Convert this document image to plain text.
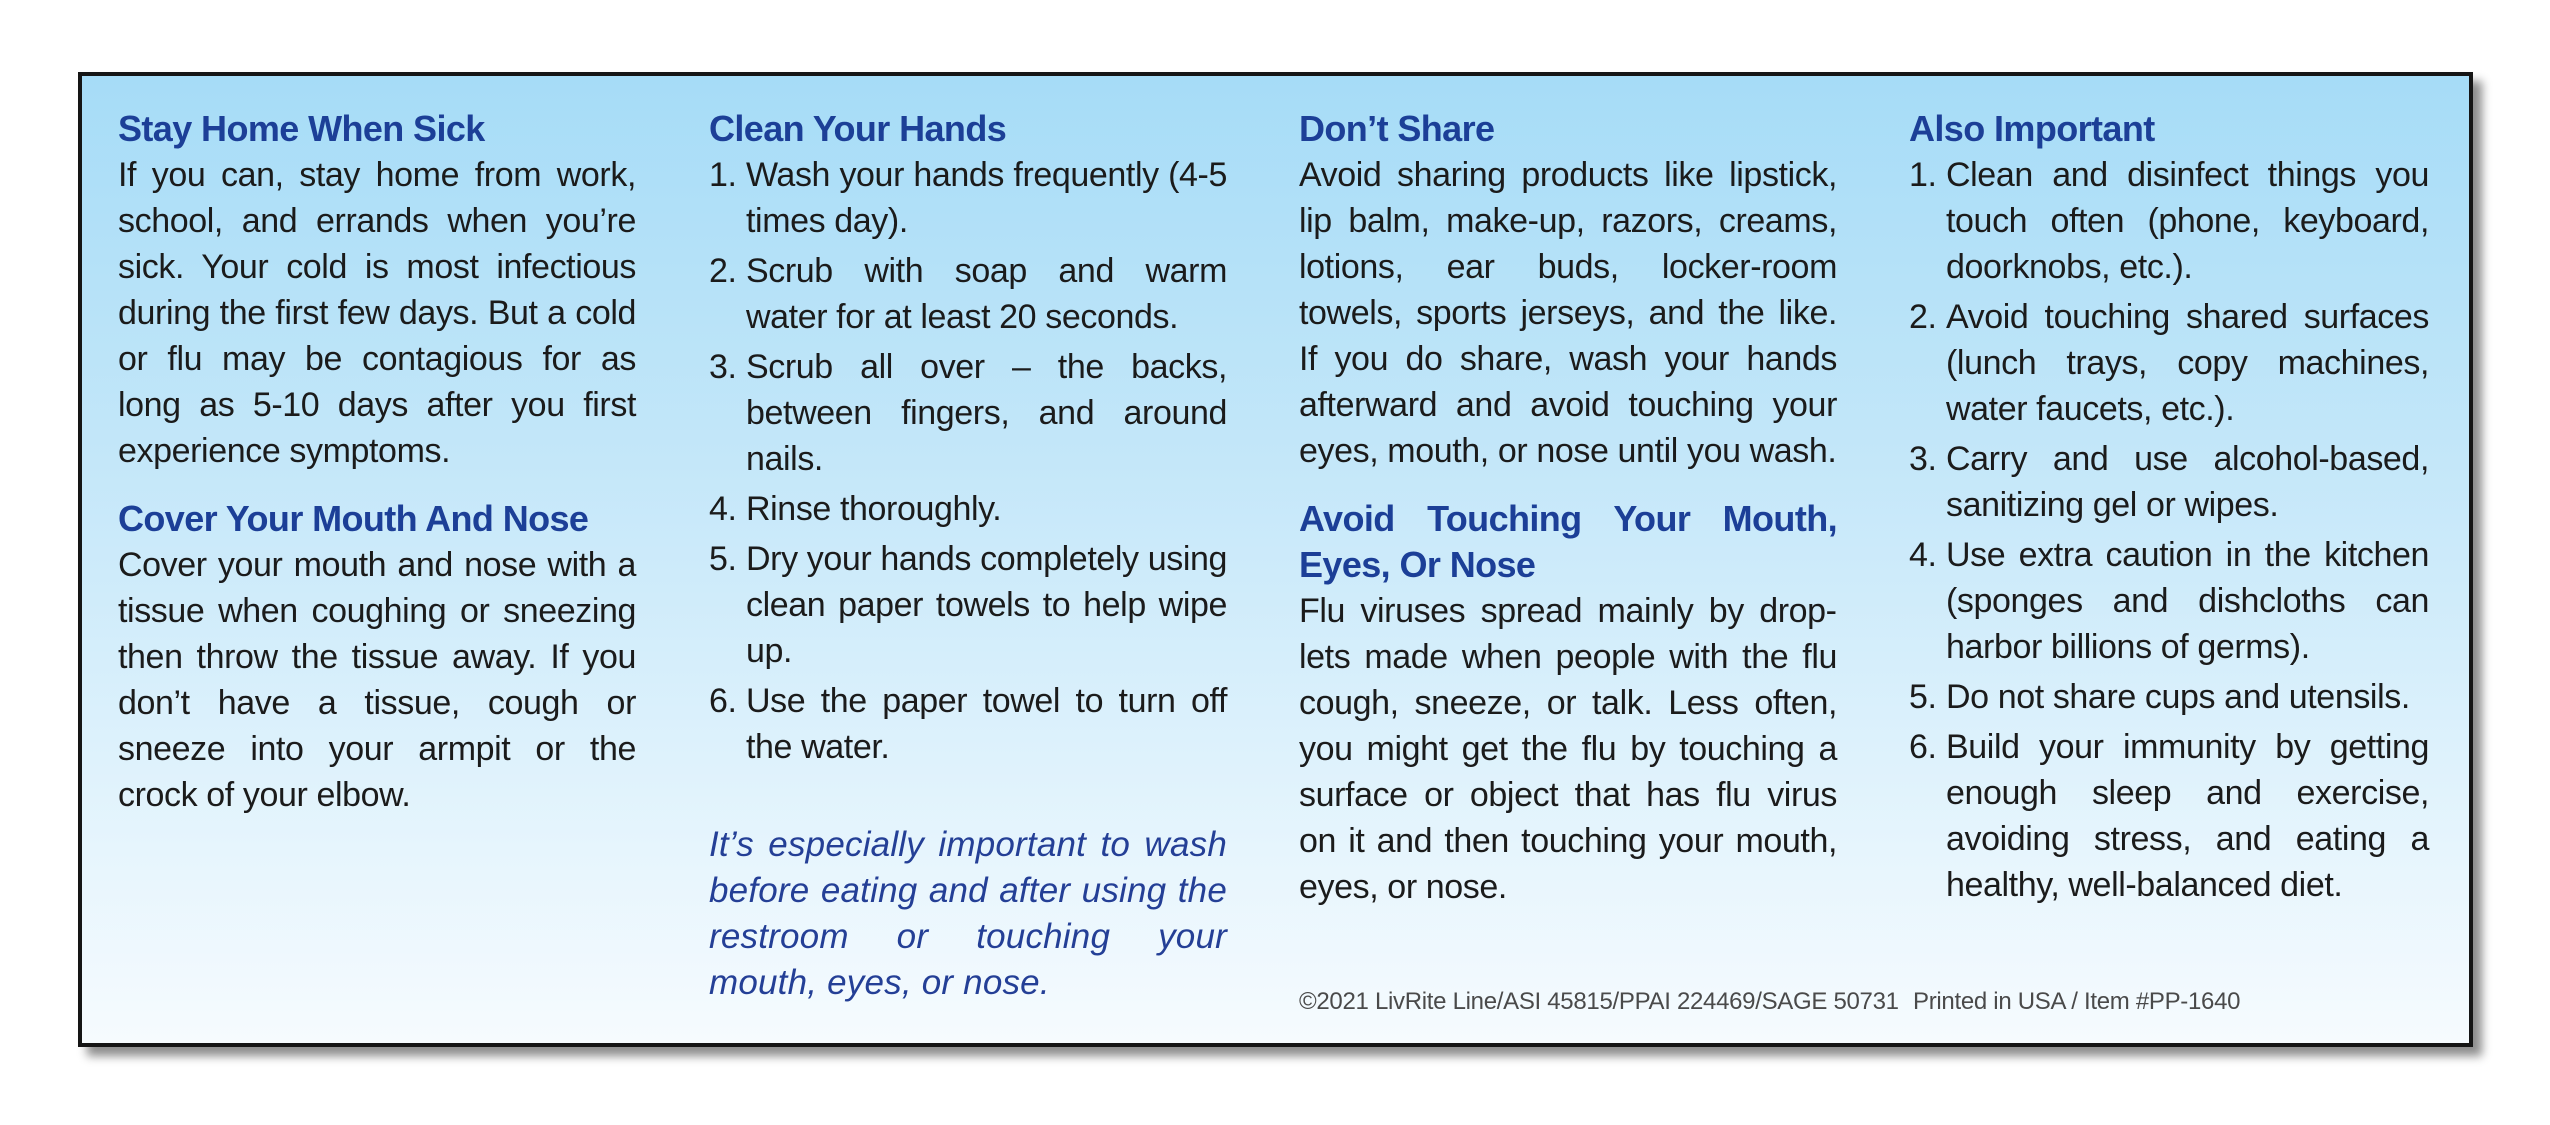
Stay Home When Sick

If you can, stay home from work, school, and errands when you’re sick. Your cold is most infectious during the first few days. But a cold or flu may be contagious for as long as 5-10 days after you first experience symptoms.

Cover Your Mouth And Nose

Cover your mouth and nose with a tissue when coughing or sneezing then throw the tissue away. If you don’t have a tissue, cough or sneeze into your armpit or the crock of your elbow.

Clean Your Hands
1. Wash your hands frequently (4-5 times day).
2. Scrub with soap and warm water for at least 20 seconds.
3. Scrub all over – the backs, between fingers, and around nails.
4. Rinse thoroughly.
5. Dry your hands completely using clean paper towels to help wipe up.
6. Use the paper towel to turn off the water.

It’s especially important to wash before eating and after using the restroom or touching your mouth, eyes, or nose.

Don’t Share

Avoid sharing products like lipstick, lip balm, make-up, razors, creams, lotions, ear buds, locker-room towels, sports jerseys, and the like. If you do share, wash your hands afterward and avoid touching your eyes, mouth, or nose until you wash.

Avoid Touching Your Mouth, Eyes, Or Nose

Flu viruses spread mainly by droplets made when people with the flu cough, sneeze, or talk. Less often, you might get the flu by touching a surface or object that has flu virus on it and then touching your mouth, eyes, or nose.

Also Important
1. Clean and disinfect things you touch often (phone, keyboard, doorknobs, etc.).
2. Avoid touching shared surfaces (lunch trays, copy machines, water faucets, etc.).
3. Carry and use alcohol-based, sanitizing gel or wipes.
4. Use extra caution in the kitchen (sponges and dishcloths can harbor billions of germs).
5. Do not share cups and utensils.
6. Build your immunity by getting enough sleep and exercise, avoiding stress, and eating a healthy, well-balanced diet.
©2021 LivRite Line/ASI 45815/PPAI 224469/SAGE 50731 Printed in USA / Item #PP-1640
